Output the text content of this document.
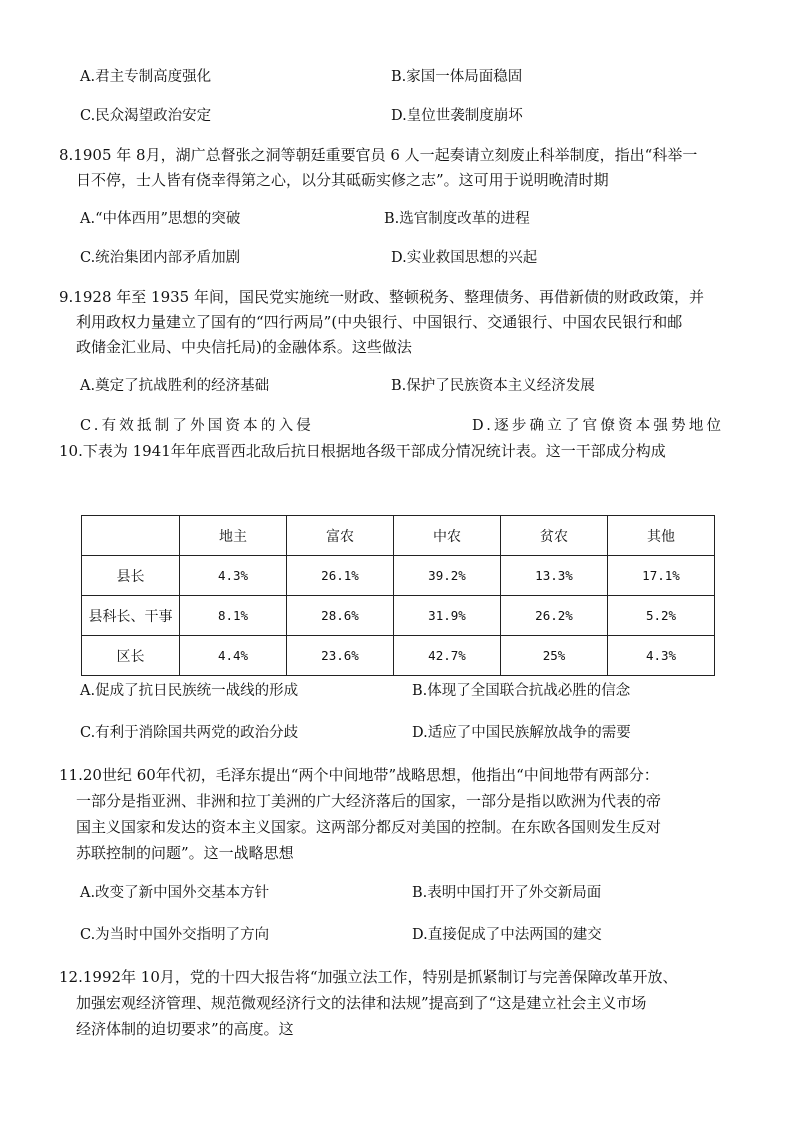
A.君主专制高度强化	B.家国一体局面稳固
C.民众渴望政治安定	D.皇位世袭制度崩坏
8.1905 年 8月，湖广总督张之洞等朝廷重要官员 6 人一起奏请立刻废止科举制度，指出“科举一
日不停，士人皆有侥幸得第之心，以分其砥砺实修之志”。这可用于说明晚清时期
A.“中体西用”思想的突破	B.选官制度改革的进程
C.统治集团内部矛盾加剧	D.实业救国思想的兴起
9.1928 年至 1935 年间，国民党实施统一财政、整顿税务、整理债务、再借新债的财政政策，并
利用政权力量建立了国有的“四行两局”(中央银行、中国银行、交通银行、中国农民银行和邮
政储金汇业局、中央信托局)的金融体系。这些做法
A.奠定了抗战胜利的经济基础	B.保护了民族资本主义经济发展
C.有效抵制了外国资本的入侵	D.逐步确立了官僚资本强势地位
10.下表为 1941年年底晋西北敌后抗日根据地各级干部成分情况统计表。这一干部成分构成
	地主	富农	中农	贫农	其他
县长	4.3%	26.1%	39.2%	13.3%	17.1%
县科长、干事	8.1%	28.6%	31.9%	26.2%	5.2%
区长	4.4%	23.6%	42.7%	25%	4.3%
A.促成了抗日民族统一战线的形成	B.体现了全国联合抗战必胜的信念
C.有利于消除国共两党的政治分歧	D.适应了中国民族解放战争的需要
11.20世纪 60年代初，毛泽东提出“两个中间地带”战略思想，他指出“中间地带有两部分：
一部分是指亚洲、非洲和拉丁美洲的广大经济落后的国家，一部分是指以欧洲为代表的帝
国主义国家和发达的资本主义国家。这两部分都反对美国的控制。在东欧各国则发生反对
苏联控制的问题”。这一战略思想
A.改变了新中国外交基本方针	B.表明中国打开了外交新局面
C.为当时中国外交指明了方向	D.直接促成了中法两国的建交
12.1992年 10月，党的十四大报告将“加强立法工作，特别是抓紧制订与完善保障改革开放、
加强宏观经济管理、规范微观经济行文的法律和法规”提高到了“这是建立社会主义市场
经济体制的迫切要求”的高度。这
